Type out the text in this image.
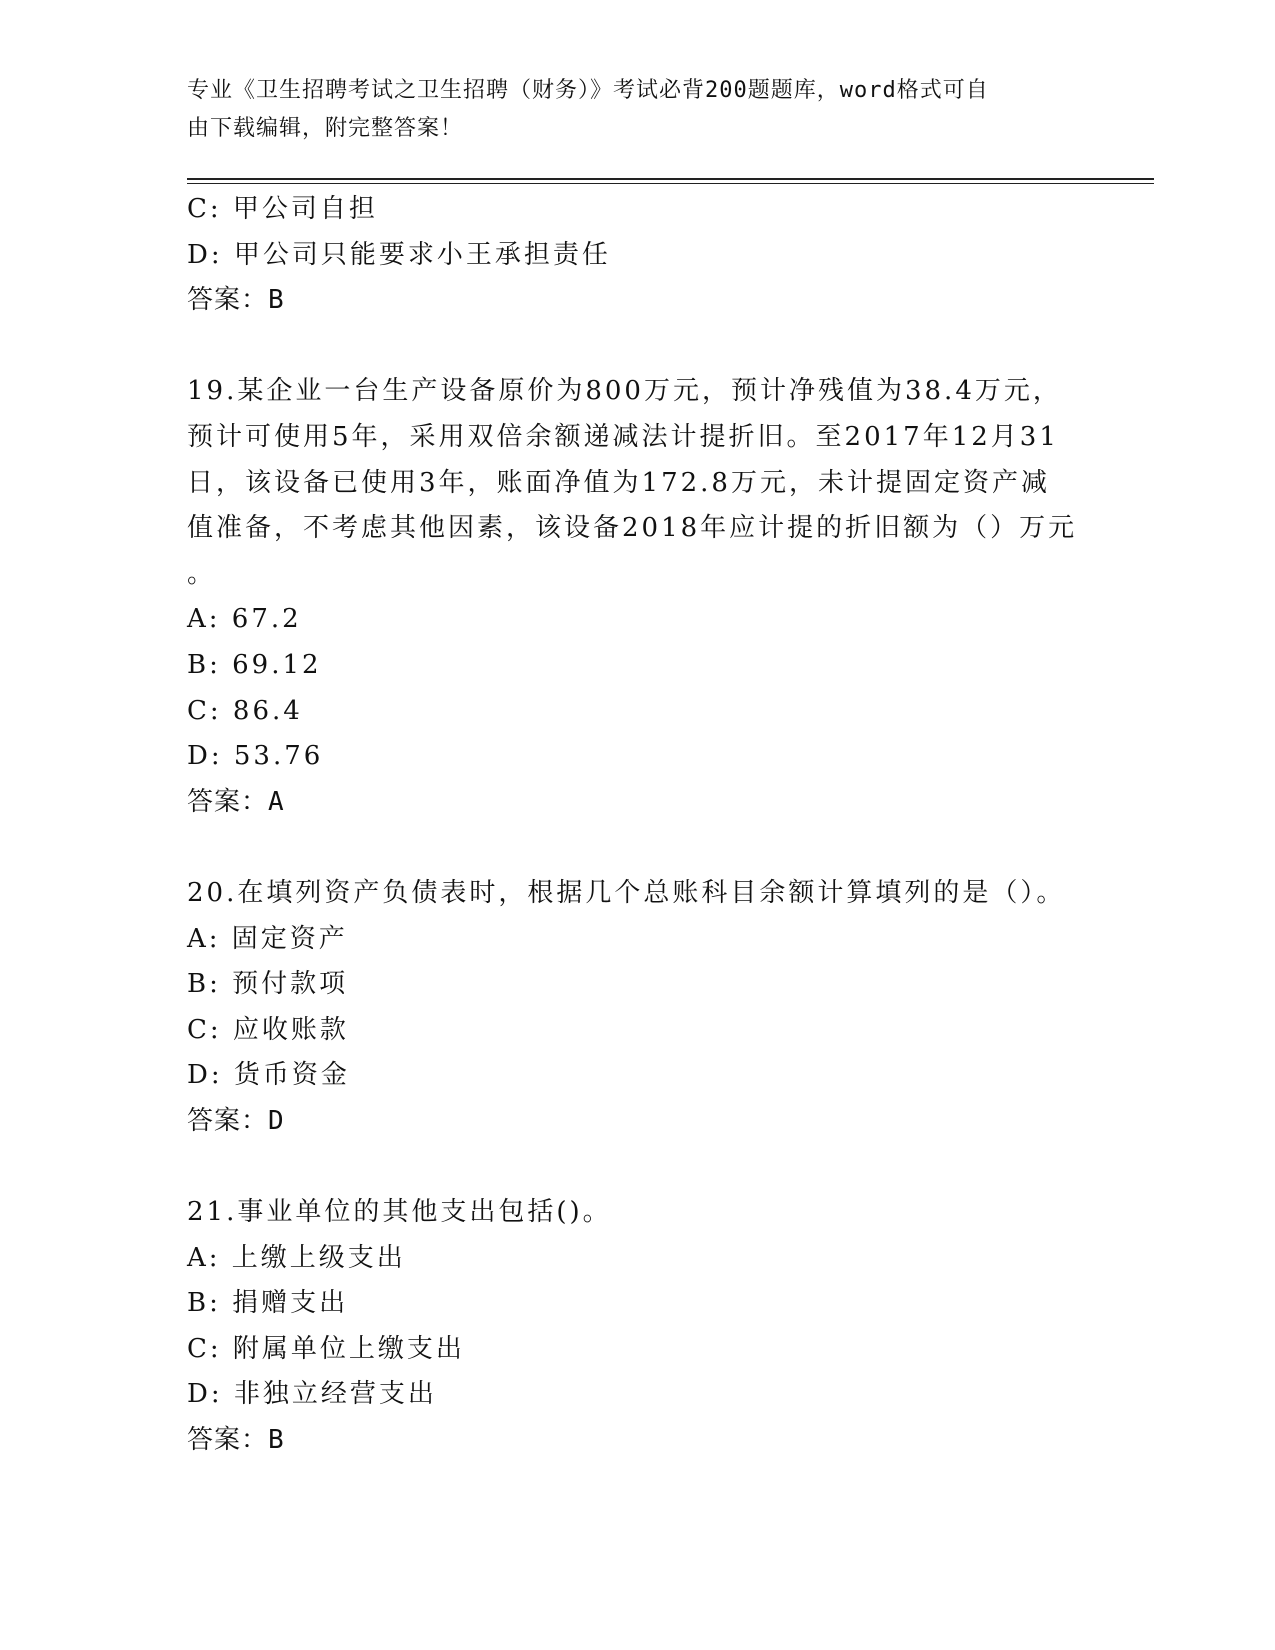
专业《卫生招聘考试之卫生招聘（财务）》考试必背200题题库，word格式可自
由下载编辑，附完整答案！
C: 甲公司自担
D: 甲公司只能要求小王承担责任
答案：B
19.某企业一台生产设备原价为800万元，预计净残值为38.4万元，
预计可使用5年，采用双倍余额递减法计提折旧。至2017年12月31
日，该设备已使用3年，账面净值为172.8万元，未计提固定资产减
值准备，不考虑其他因素，该设备2018年应计提的折旧额为（）万元
。
A: 67.2
B: 69.12
C: 86.4
D: 53.76
答案：A
20.在填列资产负债表时，根据几个总账科目余额计算填列的是（）。
A: 固定资产
B: 预付款项
C: 应收账款
D: 货币资金
答案：D
21.事业单位的其他支出包括()。
A: 上缴上级支出
B: 捐赠支出
C: 附属单位上缴支出
D: 非独立经营支出
答案：B
